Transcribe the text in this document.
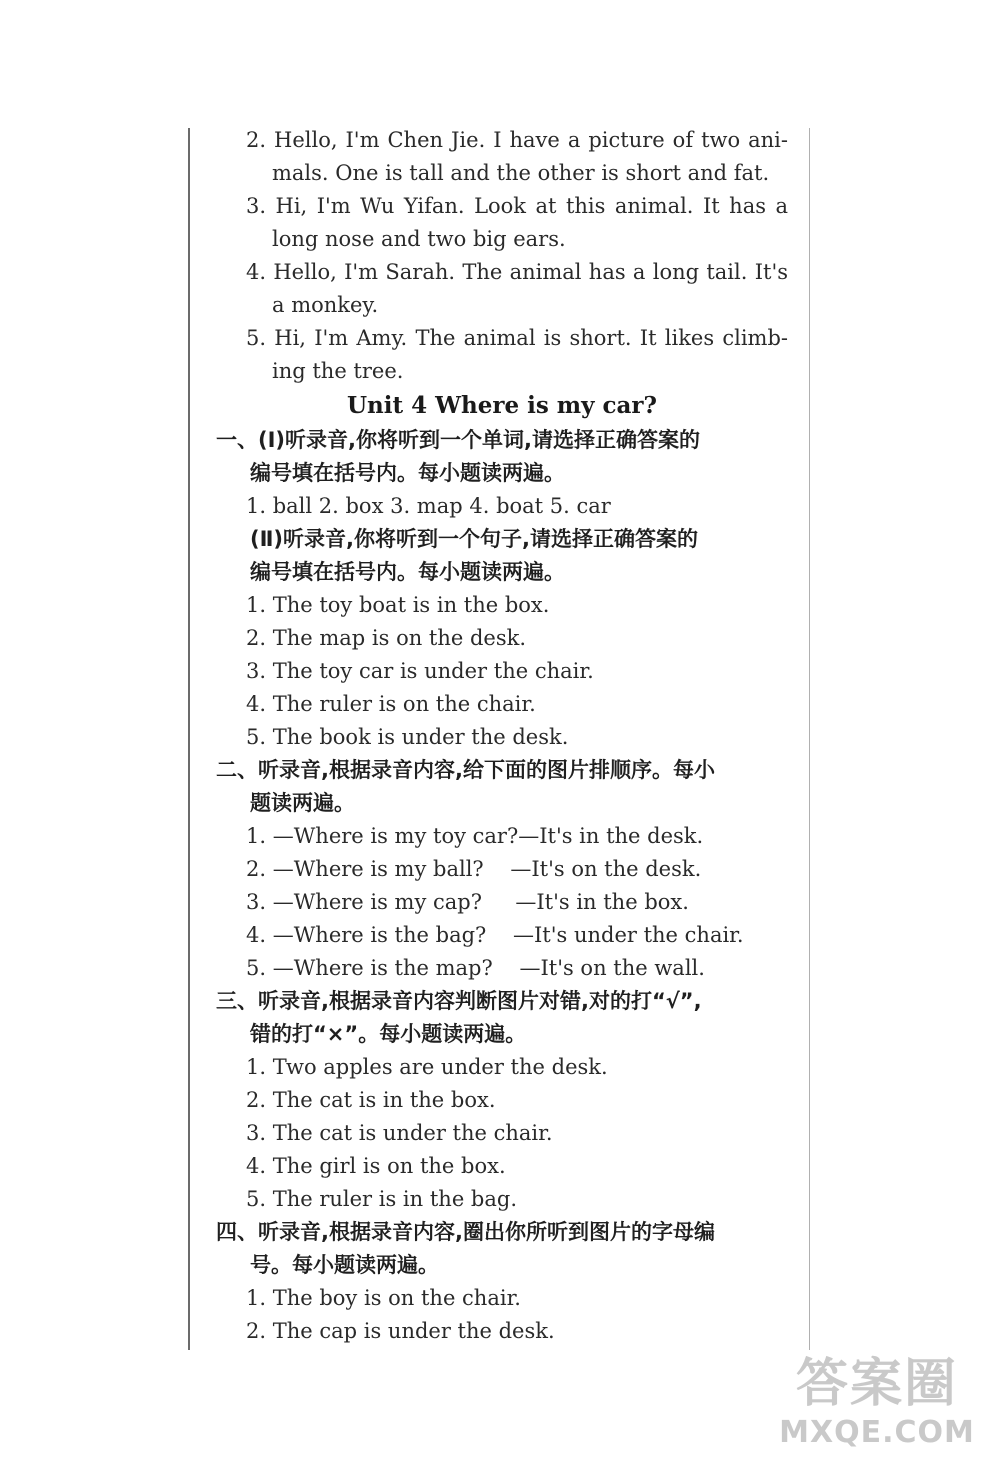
2. Hello, I'm Chen Jie. I have a picture of two ani-
mals. One is tall and the other is short and fat.
3. Hi, I'm Wu Yifan. Look at this animal. It has a
long nose and two big ears.
4. Hello, I'm Sarah. The animal has a long tail. It's
a monkey.
5. Hi, I'm Amy. The animal is short. It likes climb-
ing the tree.
Unit 4 Where is my car?
一、(Ⅰ)听录音,你将听到一个单词,请选择正确答案的
编号填在括号内。每小题读两遍。
1. ball 2. box 3. map 4. boat 5. car
(Ⅱ)听录音,你将听到一个句子,请选择正确答案的
编号填在括号内。每小题读两遍。
1. The toy boat is in the box.
2. The map is on the desk.
3. The toy car is under the chair.
4. The ruler is on the chair.
5. The book is under the desk.
二、听录音,根据录音内容,给下面的图片排顺序。每小
题读两遍。
1. —Where is my toy car?—It's in the desk.
2. —Where is my ball?    —It's on the desk.
3. —Where is my cap?     —It's in the box.
4. —Where is the bag?    —It's under the chair.
5. —Where is the map?    —It's on the wall.
三、听录音,根据录音内容判断图片对错,对的打“√”,
错的打“×”。每小题读两遍。
1. Two apples are under the desk.
2. The cat is in the box.
3. The cat is under the chair.
4. The girl is on the box.
5. The ruler is in the bag.
四、听录音,根据录音内容,圈出你所听到图片的字母编
号。每小题读两遍。
1. The boy is on the chair.
2. The cap is under the desk.
答案圈
MXQE.COM
